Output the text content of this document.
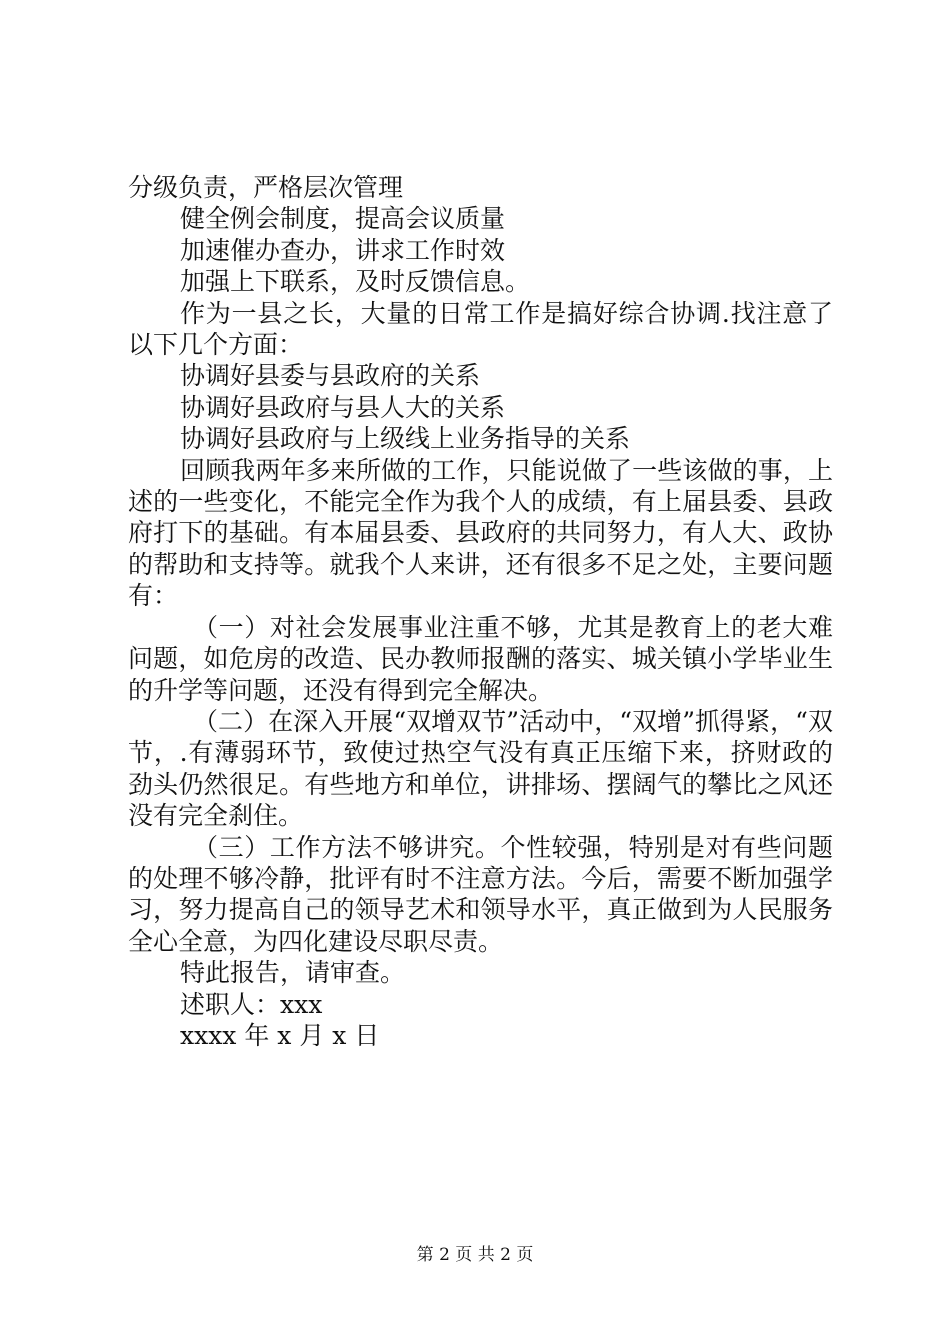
分级负责，严格层次管理
健全例会制度，提高会议质量
加速催办查办，讲求工作时效
加强上下联系，及时反馈信息。
作为一县之长，大量的日常工作是搞好综合协调.找注意了以下几个方面：
协调好县委与县政府的关系
协调好县政府与县人大的关系
协调好县政府与上级线上业务指导的关系
回顾我两年多来所做的工作，只能说做了一些该做的事，上述的一些变化，不能完全作为我个人的成绩，有上届县委、县政府打下的基础。有本届县委、县政府的共同努力，有人大、政协的帮助和支持等。就我个人来讲，还有很多不足之处，主要问题有：
（一）对社会发展事业注重不够，尤其是教育上的老大难问题，如危房的改造、民办教师报酬的落实、城关镇小学毕业生的升学等问题，还没有得到完全解决。
（二）在深入开展“双增双节”活动中，“双增”抓得紧，“双节，.有薄弱环节，致使过热空气没有真正压缩下来，挤财政的劲头仍然很足。有些地方和单位，讲排场、摆阔气的攀比之风还没有完全刹住。
（三）工作方法不够讲究。个性较强，特别是对有些问题的处理不够冷静，批评有时不注意方法。今后，需要不断加强学习，努力提高自己的领导艺术和领导水平，真正做到为人民服务全心全意，为四化建设尽职尽责。
特此报告，请审查。
述职人：xxx
xxxx 年 x 月 x 日
第 2 页 共 2 页
